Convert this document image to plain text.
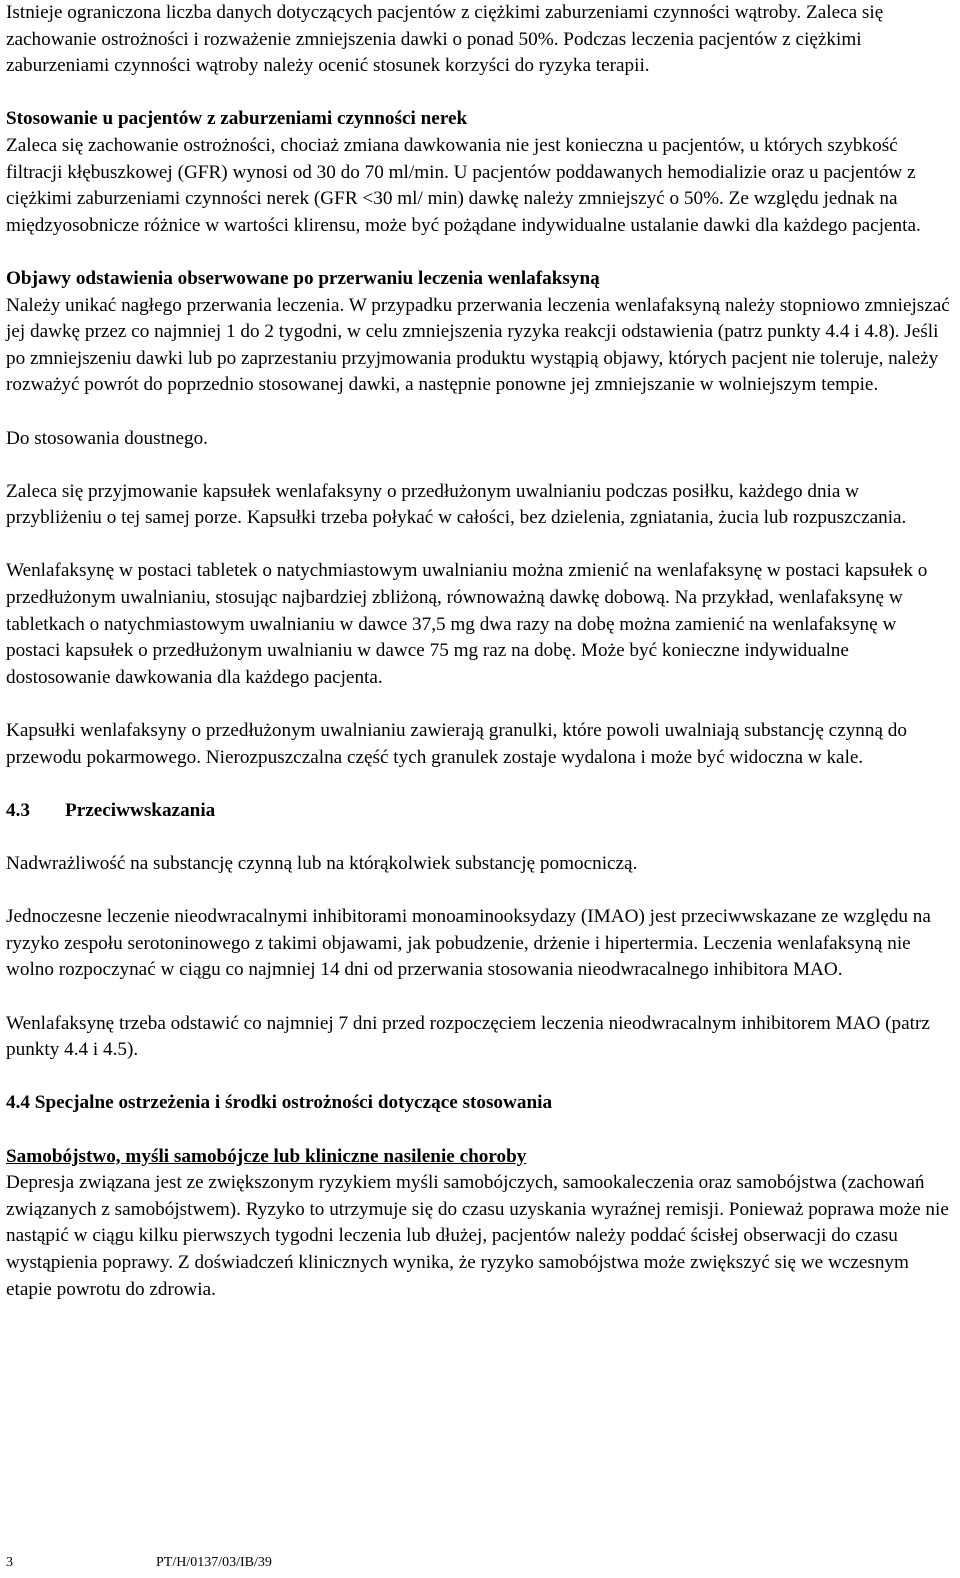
Istnieje ograniczona liczba danych dotyczących pacjentów z ciężkimi zaburzeniami czynności wątroby. Zaleca się zachowanie ostrożności i rozważenie zmniejszenia dawki o ponad 50%. Podczas leczenia pacjentów z ciężkimi zaburzeniami czynności wątroby należy ocenić stosunek korzyści do ryzyka terapii.

Stosowanie u pacjentów z zaburzeniami czynności nerek

Zaleca się zachowanie ostrożności, chociaż zmiana dawkowania nie jest konieczna u pacjentów, u których szybkość filtracji kłębuszkowej (GFR) wynosi od 30 do 70 ml/min. U pacjentów poddawanych hemodializie oraz u pacjentów z ciężkimi zaburzeniami czynności nerek (GFR <30 ml/ min) dawkę należy zmniejszyć o 50%. Ze względu jednak na międzyosobnicze różnice w wartości klirensu, może być pożądane indywidualne ustalanie dawki dla każdego pacjenta.

Objawy odstawienia obserwowane po przerwaniu leczenia wenlafaksyną

Należy unikać nagłego przerwania leczenia. W przypadku przerwania leczenia wenlafaksyną należy stopniowo zmniejszać jej dawkę przez co najmniej 1 do 2 tygodni, w celu zmniejszenia ryzyka reakcji odstawienia (patrz punkty 4.4 i 4.8). Jeśli po zmniejszeniu dawki lub po zaprzestaniu przyjmowania produktu wystąpią objawy, których pacjent nie toleruje, należy rozważyć powrót do poprzednio stosowanej dawki, a następnie ponowne jej zmniejszanie w wolniejszym tempie.

Do stosowania doustnego.

Zaleca się przyjmowanie kapsułek wenlafaksyny o przedłużonym uwalnianiu podczas posiłku, każdego dnia w przybliżeniu o tej samej porze. Kapsułki trzeba połykać w całości, bez dzielenia, zgniatania, żucia lub rozpuszczania.

Wenlafaksynę w postaci tabletek o natychmiastowym uwalnianiu można zmienić na wenlafaksynę w postaci kapsułek o przedłużonym uwalnianiu, stosując najbardziej zbliżoną, równoważną dawkę dobową. Na przykład, wenlafaksynę w tabletkach o natychmiastowym uwalnianiu w dawce 37,5 mg dwa razy na dobę można zamienić na wenlafaksynę w postaci kapsułek o przedłużonym uwalnianiu w dawce 75 mg raz na dobę. Może być konieczne indywidualne dostosowanie dawkowania dla każdego pacjenta.

Kapsułki wenlafaksyny o przedłużonym uwalnianiu zawierają granulki, które powoli uwalniają substancję czynną do przewodu pokarmowego. Nierozpuszczalna część tych granulek zostaje wydalona i może być widoczna w kale.

4.3 Przeciwwskazania

Nadwrażliwość na substancję czynną lub na którąkolwiek substancję pomocniczą.

Jednoczesne leczenie nieodwracalnymi inhibitorami monoaminooksydazy (IMAO) jest przeciwwskazane ze względu na ryzyko zespołu serotoninowego z takimi objawami, jak pobudzenie, drżenie i hipertermia. Leczenia wenlafaksyną nie wolno rozpoczynać w ciągu co najmniej 14 dni od przerwania stosowania nieodwracalnego inhibitora MAO.

Wenlafaksynę trzeba odstawić co najmniej 7 dni przed rozpoczęciem leczenia nieodwracalnym inhibitorem MAO (patrz punkty 4.4 i 4.5).

4.4 Specjalne ostrzeżenia i środki ostrożności dotyczące stosowania

Samobójstwo, myśli samobójcze lub kliniczne nasilenie choroby

Depresja związana jest ze zwiększonym ryzykiem myśli samobójczych, samookaleczenia oraz samobójstwa (zachowań związanych z samobójstwem). Ryzyko to utrzymuje się do czasu uzyskania wyraźnej remisji. Ponieważ poprawa może nie nastąpić w ciągu kilku pierwszych tygodni leczenia lub dłużej, pacjentów należy poddać ścisłej obserwacji do czasu wystąpienia poprawy. Z doświadczeń klinicznych wynika, że ryzyko samobójstwa może zwiększyć się we wczesnym etapie powrotu do zdrowia.

3	PT/H/0137/03/IB/39
